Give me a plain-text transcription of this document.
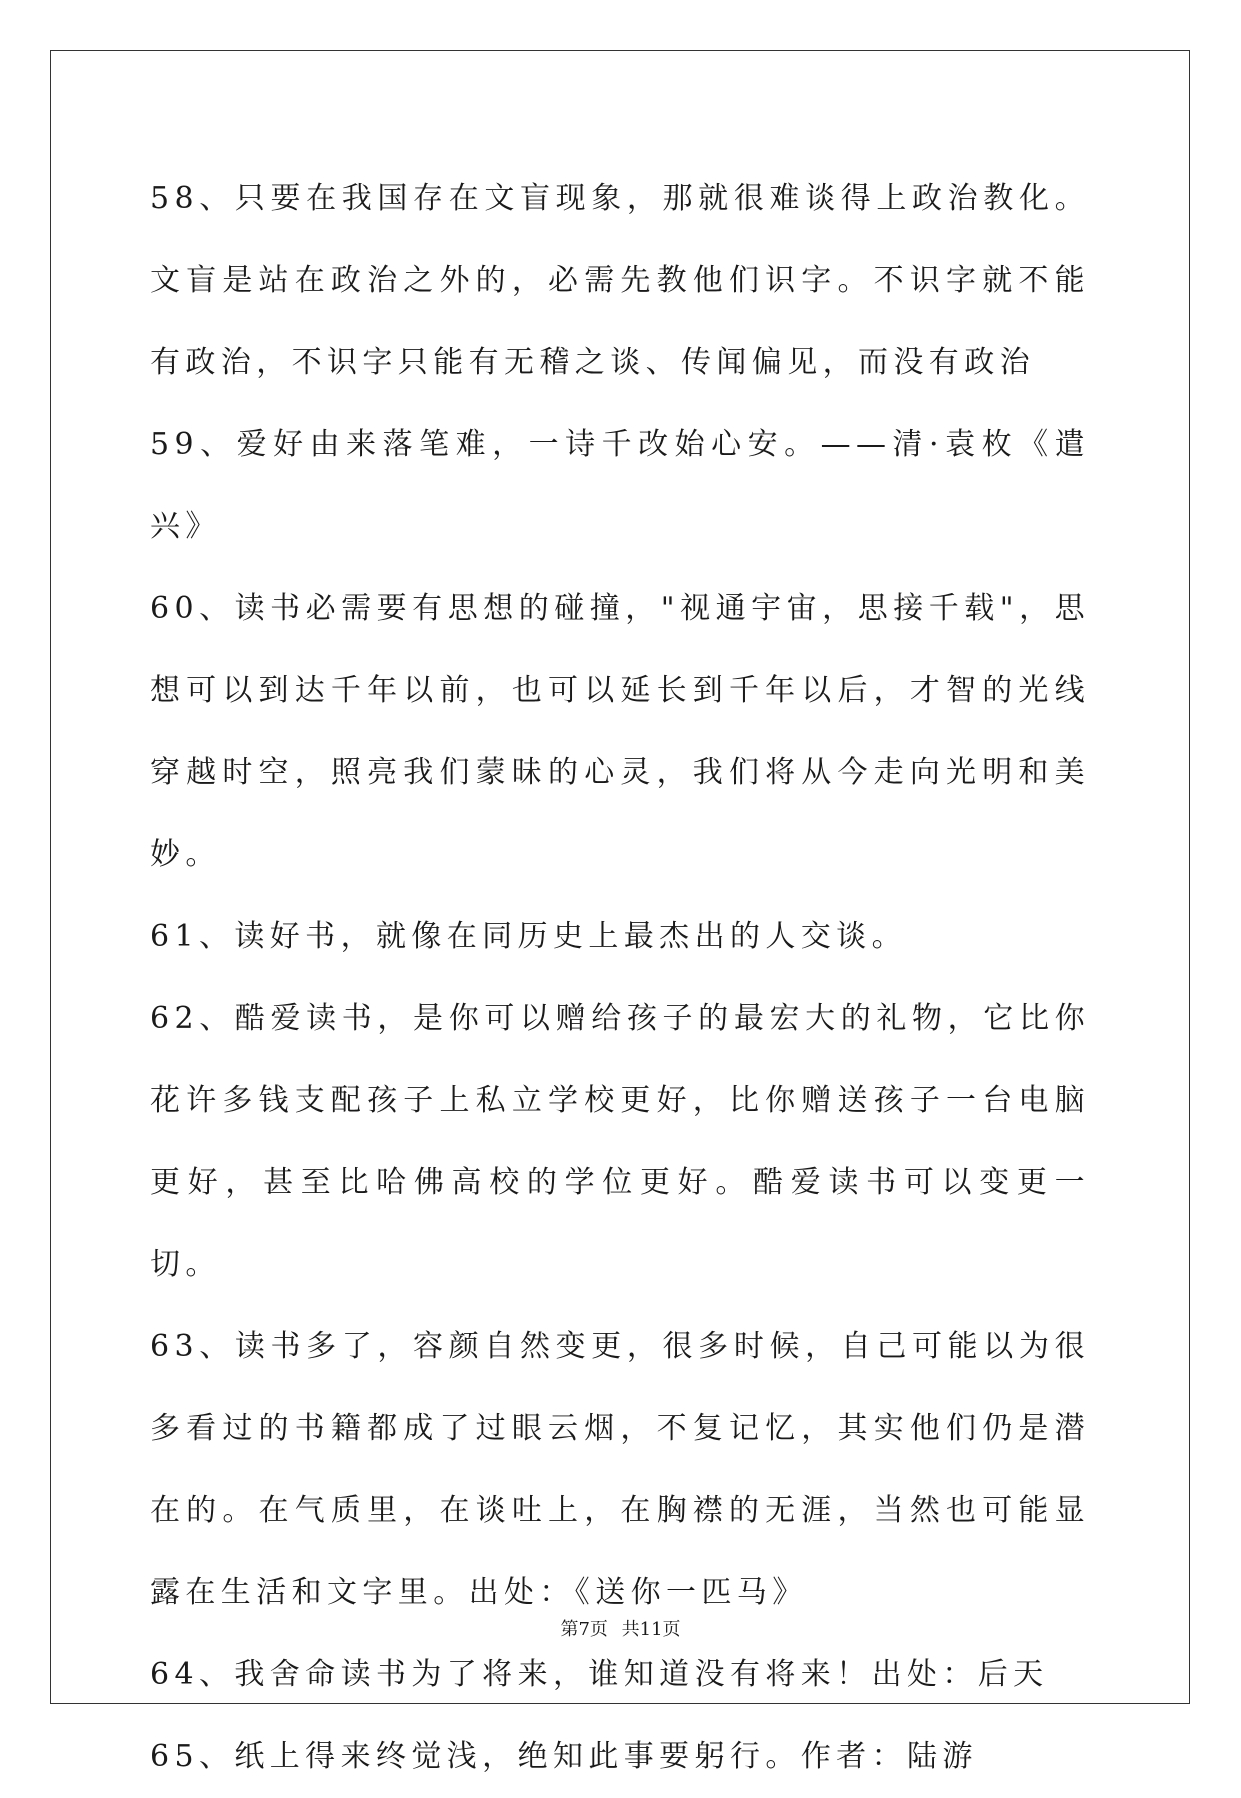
58、只要在我国存在文盲现象，那就很难谈得上政治教化。文盲是站在政治之外的，必需先教他们识字。不识字就不能有政治，不识字只能有无稽之谈、传闻偏见，而没有政治

59、爱好由来落笔难，一诗千改始心安。——清·袁枚《遣兴》

60、读书必需要有思想的碰撞，"视通宇宙，思接千载"，思想可以到达千年以前，也可以延长到千年以后，才智的光线穿越时空，照亮我们蒙昧的心灵，我们将从今走向光明和美妙。

61、读好书，就像在同历史上最杰出的人交谈。

62、酷爱读书，是你可以赠给孩子的最宏大的礼物，它比你花许多钱支配孩子上私立学校更好，比你赠送孩子一台电脑更好，甚至比哈佛高校的学位更好。酷爱读书可以变更一切。

63、读书多了，容颜自然变更，很多时候，自己可能以为很多看过的书籍都成了过眼云烟，不复记忆，其实他们仍是潜在的。在气质里，在谈吐上，在胸襟的无涯，当然也可能显露在生活和文字里。出处：《送你一匹马》

64、我舍命读书为了将来，谁知道没有将来！出处：后天

65、纸上得来终觉浅，绝知此事要躬行。作者：陆游

第7页 共11页
